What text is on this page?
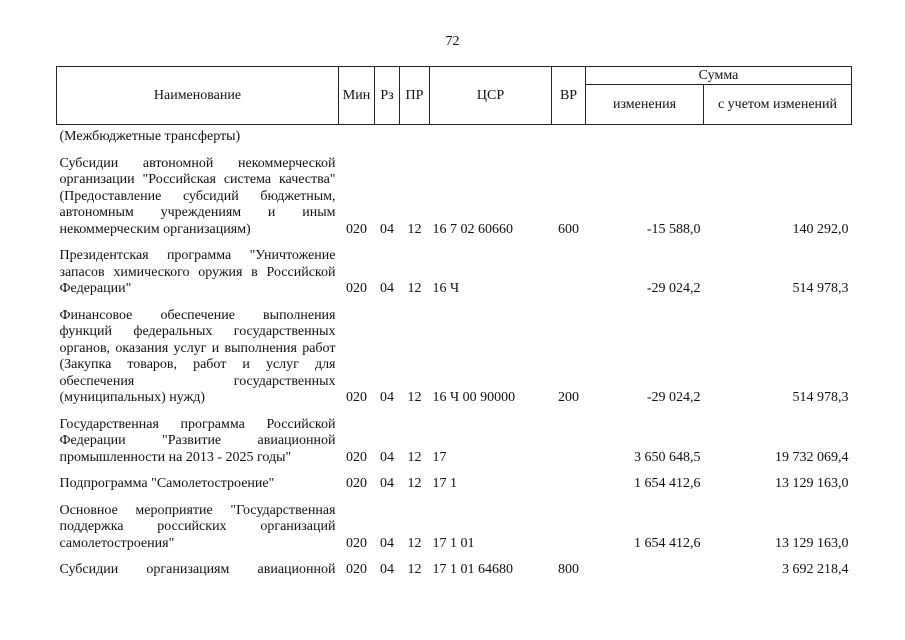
72
Наименование	Мин	Рз	ПР	ЦСР	ВР	Сумма	
						изменения	с учетом изменений
(Межбюджетные трансферты)							
Субсидии автономной некоммерческой организации "Российская система качества" (Предоставление субсидий бюджетным, автономным учреждениям и иным некоммерческим организациям)	020	04	12	16 7 02 60660	600	-15 588,0	140 292,0
Президентская программа "Уничтожение запасов химического оружия в Российской Федерации"	020	04	12	16 Ч		-29 024,2	514 978,3
Финансовое обеспечение выполнения функций федеральных государственных органов, оказания услуг и выполнения работ (Закупка товаров, работ и услуг для обеспечения государственных (муниципальных) нужд)	020	04	12	16 Ч 00 90000	200	-29 024,2	514 978,3
Государственная программа Российской Федерации "Развитие авиационной промышленности на 2013 - 2025 годы"	020	04	12	17		3 650 648,5	19 732 069,4
Подпрограмма "Самолетостроение"	020	04	12	17 1		1 654 412,6	13 129 163,0
Основное мероприятие "Государственная поддержка российских организаций самолетостроения"	020	04	12	17 1 01		1 654 412,6	13 129 163,0
Субсидии организациям авиационной	020	04	12	17 1 01 64680	800		3 692 218,4
